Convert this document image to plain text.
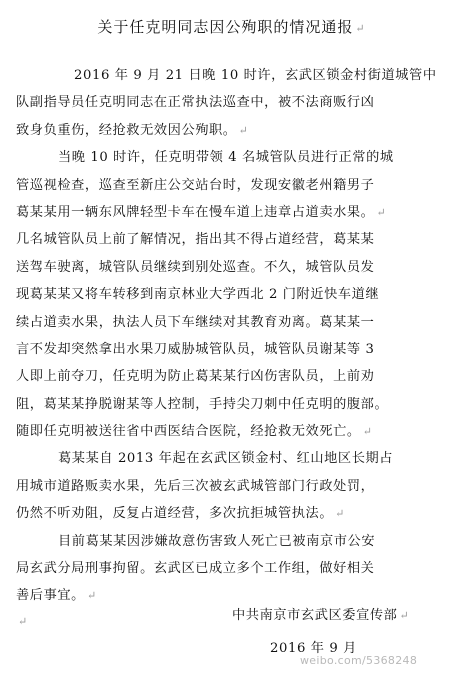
关于任克明同志因公殉职的情况通报 ↵
2016 年 9 月 21 日晚 10 时许，玄武区锁金村街道城管中
队副指导员任克明同志在正常执法巡查中，被不法商贩行凶
致身负重伤，经抢救无效因公殉职。 ↵
当晚 10 时许，任克明带领 4 名城管队员进行正常的城
管巡视检查，巡查至新庄公交站台时，发现安徽老州籍男子
葛某某用一辆东风牌轻型卡车在慢车道上违章占道卖水果。 ↵
几名城管队员上前了解情况，指出其不得占道经营，葛某某
送驾车驶离，城管队员继续到别处巡查。不久，城管队员发
现葛某某又将车转移到南京林业大学西北 2 门附近快车道继
续占道卖水果，执法人员下车继续对其教育劝离。葛某某一
言不发却突然拿出水果刀威胁城管队员，城管队员谢某等 3
人即上前夺刀，任克明为防止葛某某行凶伤害队员，上前劝
阻，葛某某挣脱谢某等人控制，手持尖刀刺中任克明的腹部。
随即任克明被送往省中西医结合医院，经抢救无效死亡。 ↵
葛某某自 2013 年起在玄武区锁金村、红山地区长期占
用城市道路贩卖水果，先后三次被玄武城管部门行政处罚，
仍然不听劝阻，反复占道经营，多次抗拒城管执法。 ↵
目前葛某某因涉嫌故意伤害致人死亡已被南京市公安
局玄武分局刑事拘留。玄武区已成立多个工作组，做好相关
善后事宜。 ↵
↵	中共南京市玄武区委宣传部 ↵
2016 年 9 月
weibo.com/5368248
